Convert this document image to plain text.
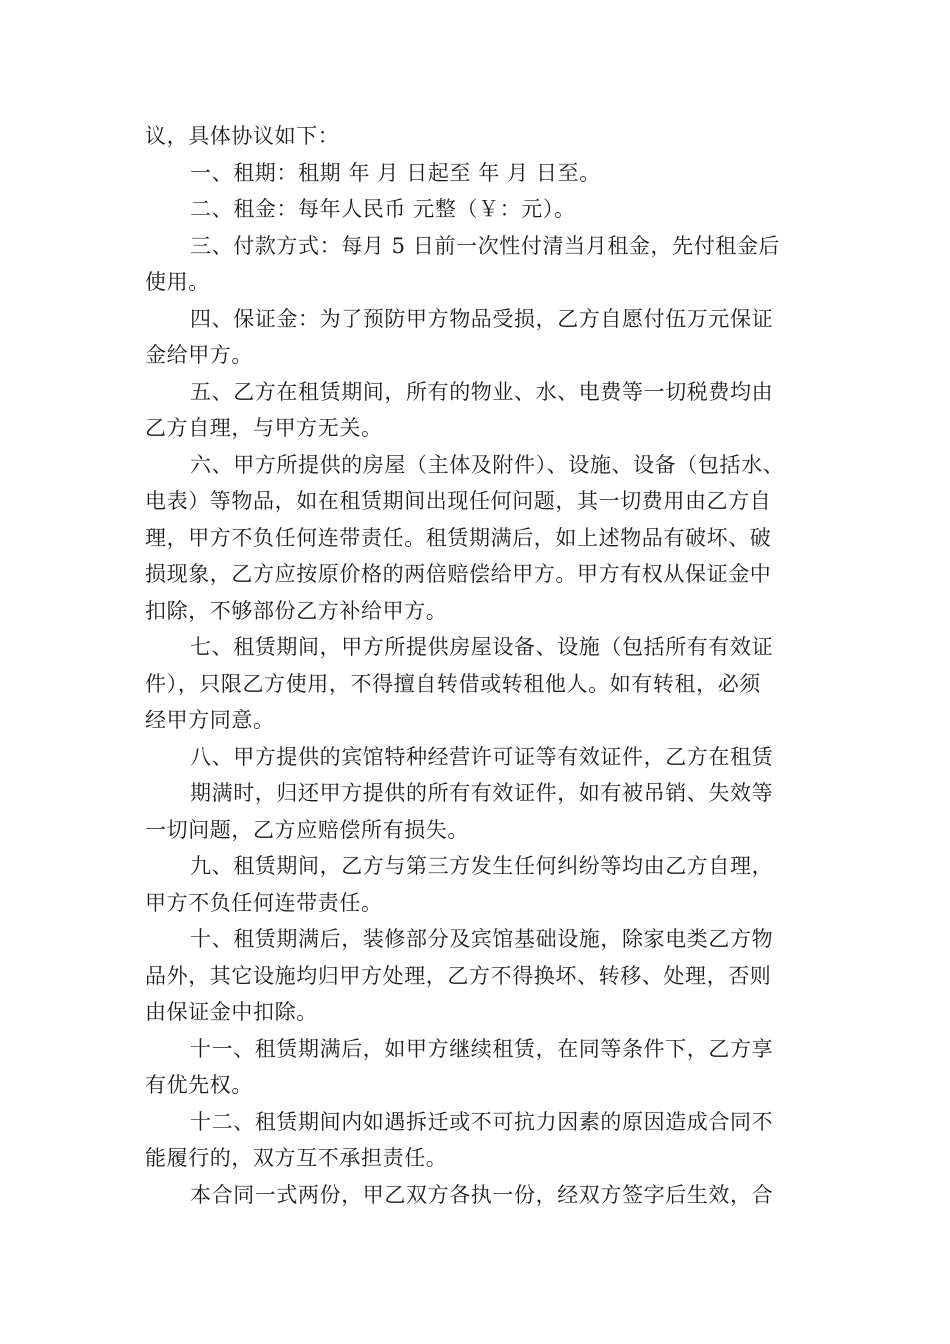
议，具体协议如下：
一、租期：租期 年 月 日起至 年 月 日至。
二、租金：每年人民币 元整（￥：元）。
三、付款方式：每月 5 日前一次性付清当月租金，先付租金后
使用。
四、保证金：为了预防甲方物品受损，乙方自愿付伍万元保证
金给甲方。
五、乙方在租赁期间，所有的物业、水、电费等一切税费均由
乙方自理，与甲方无关。
六、甲方所提供的房屋（主体及附件）、设施、设备（包括水、
电表）等物品，如在租赁期间出现任何问题，其一切费用由乙方自
理，甲方不负任何连带责任。租赁期满后，如上述物品有破坏、破
损现象，乙方应按原价格的两倍赔偿给甲方。甲方有权从保证金中
扣除，不够部份乙方补给甲方。
七、租赁期间，甲方所提供房屋设备、设施（包括所有有效证
件），只限乙方使用，不得擅自转借或转租他人。如有转租，必须
经甲方同意。
八、甲方提供的宾馆特种经营许可证等有效证件，乙方在租赁
期满时，归还甲方提供的所有有效证件，如有被吊销、失效等
一切问题，乙方应赔偿所有损失。
九、租赁期间，乙方与第三方发生任何纠纷等均由乙方自理，
甲方不负任何连带责任。
十、租赁期满后，装修部分及宾馆基础设施，除家电类乙方物
品外，其它设施均归甲方处理，乙方不得换坏、转移、处理，否则
由保证金中扣除。
十一、租赁期满后，如甲方继续租赁，在同等条件下，乙方享
有优先权。
十二、租赁期间内如遇拆迁或不可抗力因素的原因造成合同不
能履行的，双方互不承担责任。
本合同一式两份，甲乙双方各执一份，经双方签字后生效，合
